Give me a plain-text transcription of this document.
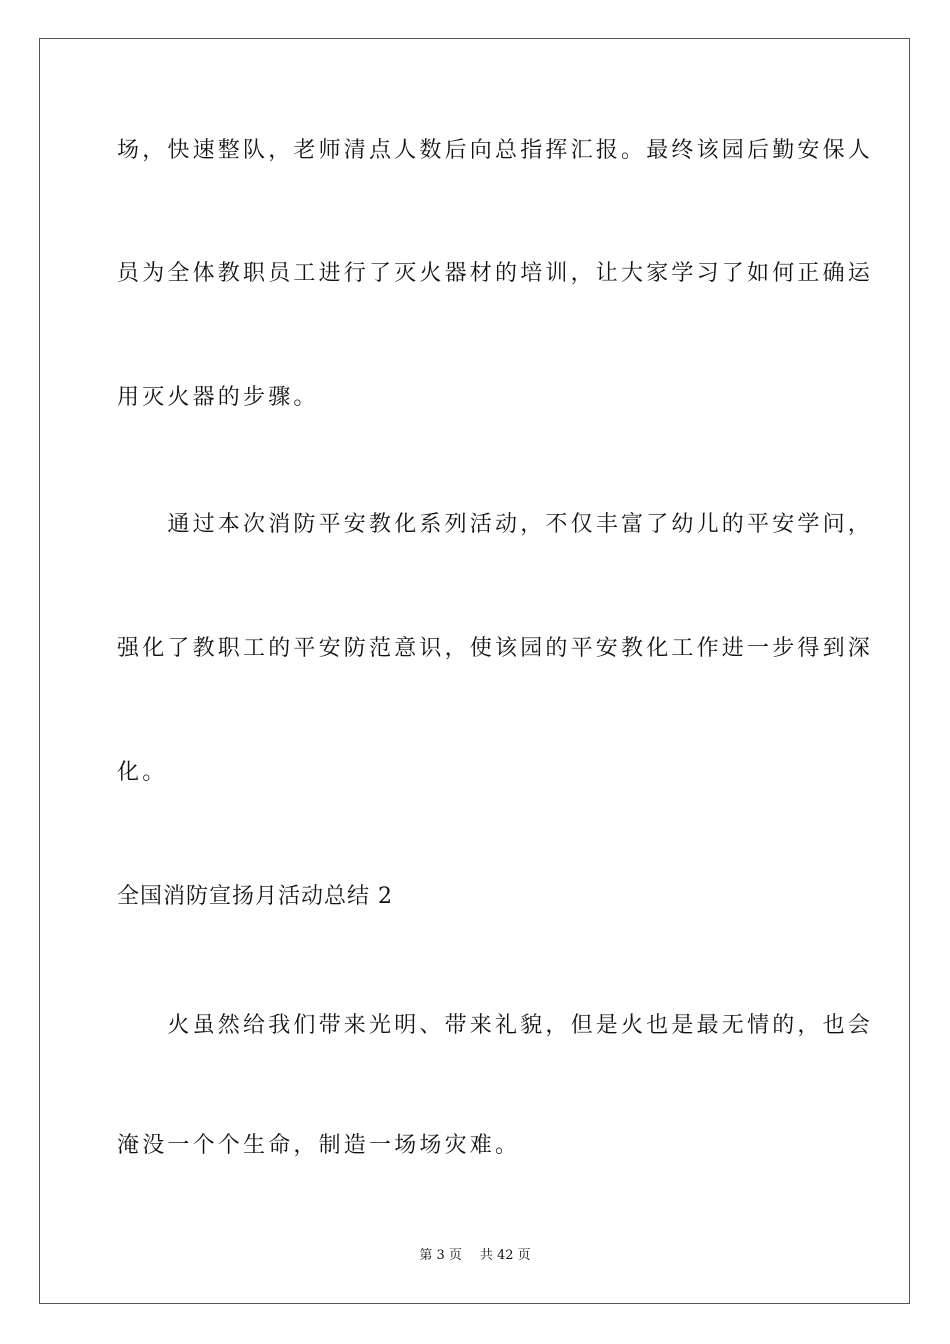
场，快速整队，老师清点人数后向总指挥汇报。最终该园后勤安保人
员为全体教职员工进行了灭火器材的培训，让大家学习了如何正确运
用灭火器的步骤。
　　通过本次消防平安教化系列活动，不仅丰富了幼儿的平安学问，
强化了教职工的平安防范意识，使该园的平安教化工作进一步得到深
化。
全国消防宣扬月活动总结 2
　　火虽然给我们带来光明、带来礼貌，但是火也是最无情的，也会
淹没一个个生命，制造一场场灾难。
第 3 页 共 42 页
